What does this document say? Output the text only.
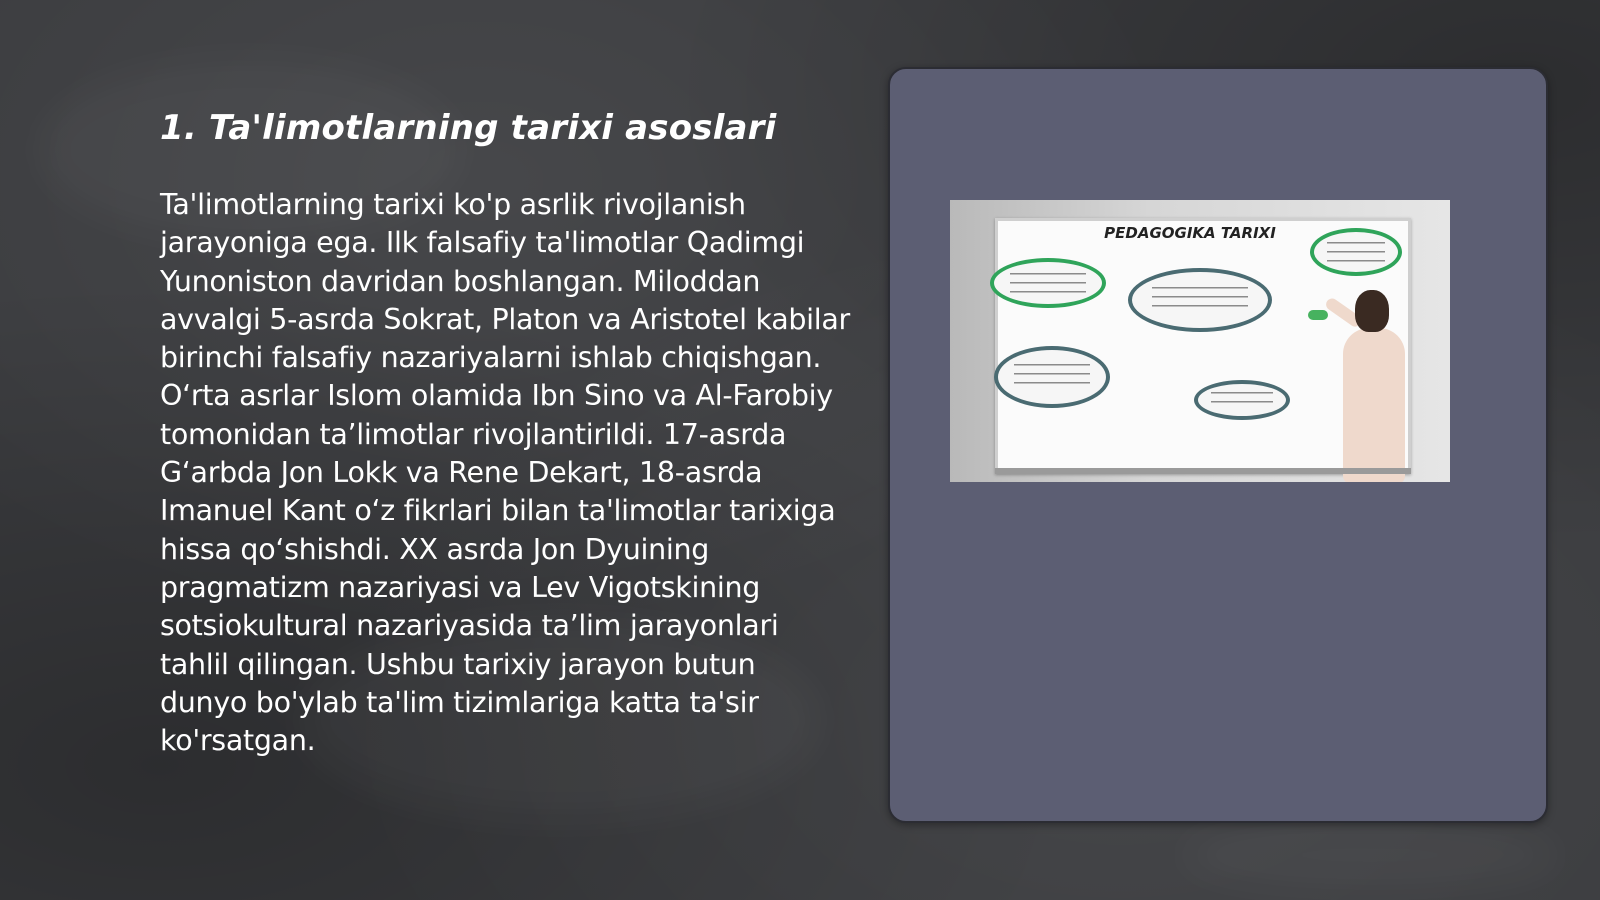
1. Ta'limotlarning tarixi asoslari

Ta'limotlarning tarixi ko'p asrlik rivojlanish jarayoniga ega. Ilk falsafiy ta'limotlar Qadimgi Yunoniston davridan boshlangan. Miloddan avvalgi 5-asrda Sokrat, Platon va Aristotel kabilar birinchi falsafiy nazariyalarni ishlab chiqishgan. O‘rta asrlar Islom olamida Ibn Sino va Al-Farobiy tomonidan ta’limotlar rivojlantirildi. 17-asrda G‘arbda Jon Lokk va Rene Dekart, 18-asrda Imanuel Kant o‘z fikrlari bilan ta'limotlar tarixiga hissa qo‘shishdi. XX asrda Jon Dyuining pragmatizm nazariyasi va Lev Vigotskining sotsiokultural nazariyasida ta’lim jarayonlari tahlil qilingan. Ushbu tarixiy jarayon butun dunyo bo'ylab ta'lim tizimlariga katta ta'sir ko'rsatgan.

PEDAGOGIKA TARIXI
